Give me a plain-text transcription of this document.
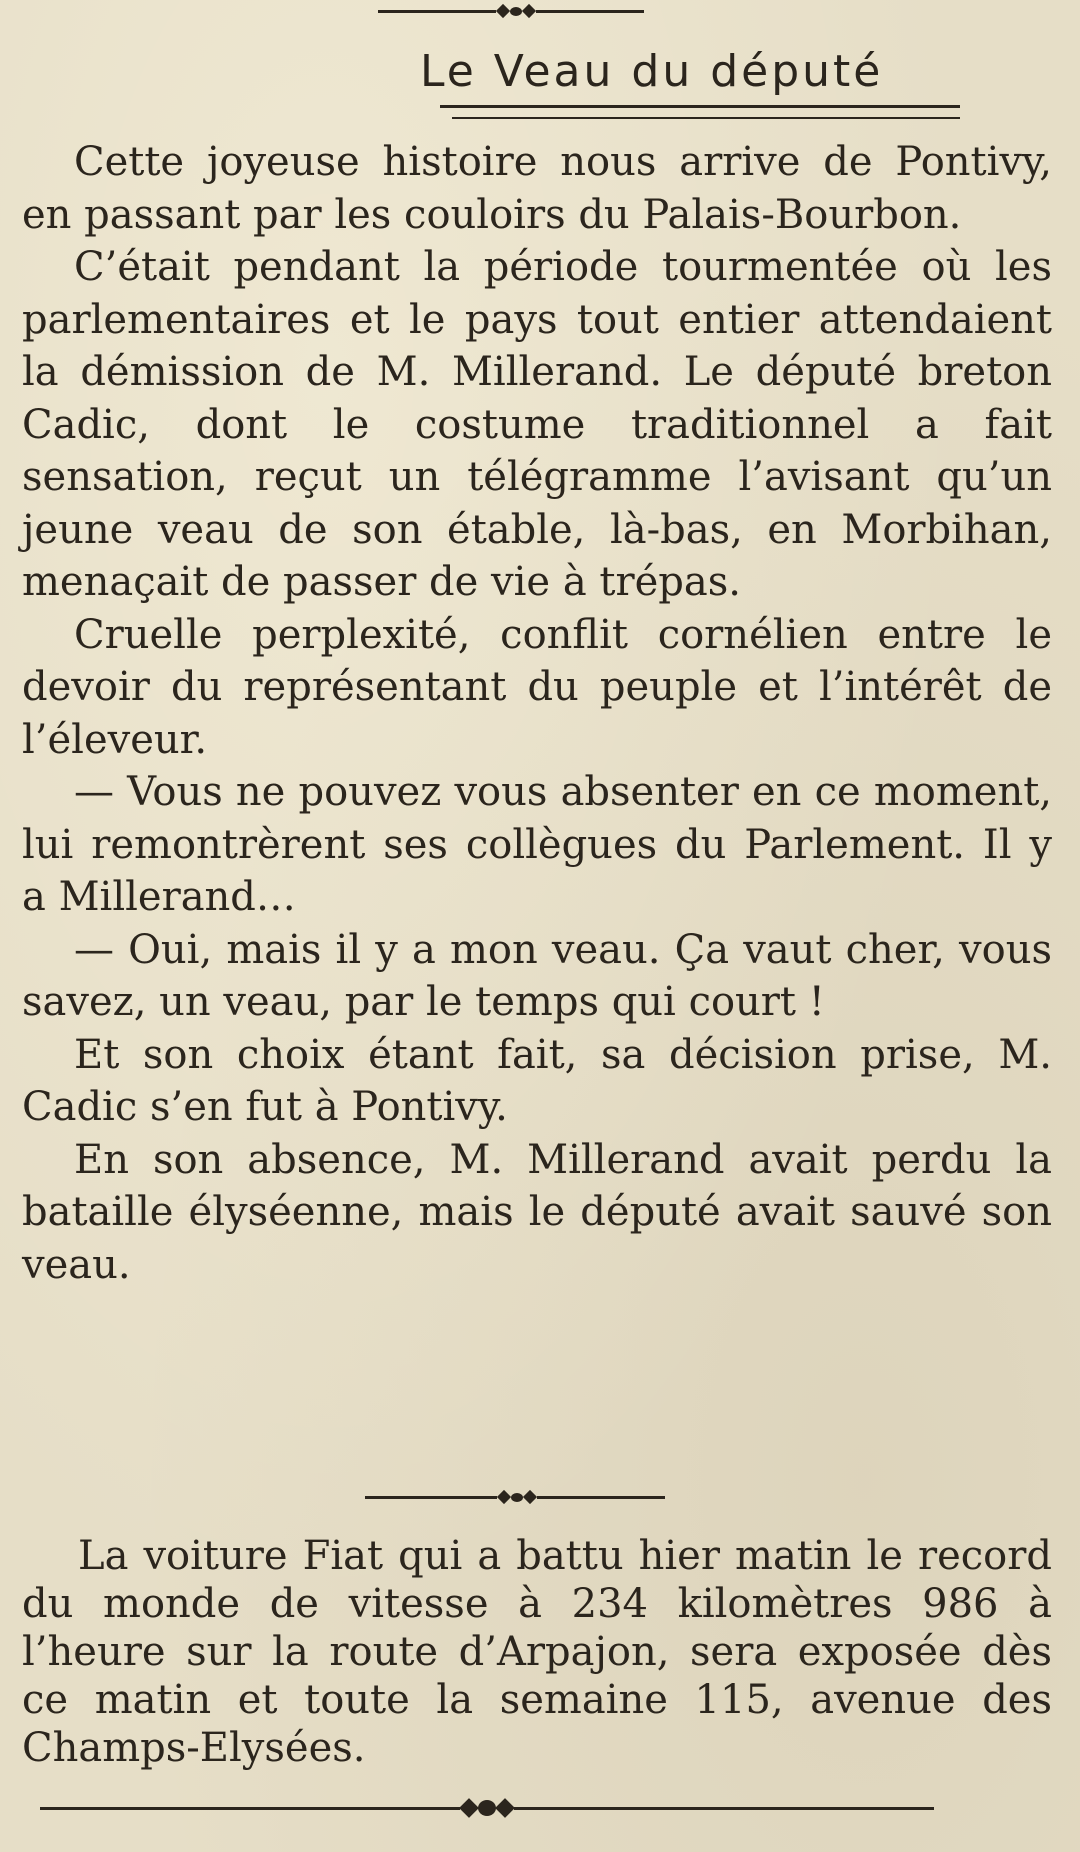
Le Veau du député

Cette joyeuse histoire nous arrive de Pontivy, en passant par les couloirs du Palais-Bourbon.

C’était pendant la période tourmentée où les parlementaires et le pays tout entier attendaient la démission de M. Millerand. Le député breton Cadic, dont le costume traditionnel a fait sensation, reçut un télégramme l’avisant qu’un jeune veau de son étable, là-bas, en Morbihan, menaçait de passer de vie à trépas.

Cruelle perplexité, conflit cornélien entre le devoir du représentant du peuple et l’intérêt de l’éleveur.

— Vous ne pouvez vous absenter en ce moment, lui remontrèrent ses collègues du Parlement. Il y a Millerand…

— Oui, mais il y a mon veau. Ça vaut cher, vous savez, un veau, par le temps qui court !

Et son choix étant fait, sa décision prise, M. Cadic s’en fut à Pontivy.

En son absence, M. Millerand avait perdu la bataille élyséenne, mais le député avait sauvé son veau.

La voiture Fiat qui a battu hier matin le record du monde de vitesse à 234 kilomètres 986 à l’heure sur la route d’Arpajon, sera exposée dès ce matin et toute la semaine 115, avenue des Champs-Elysées.
